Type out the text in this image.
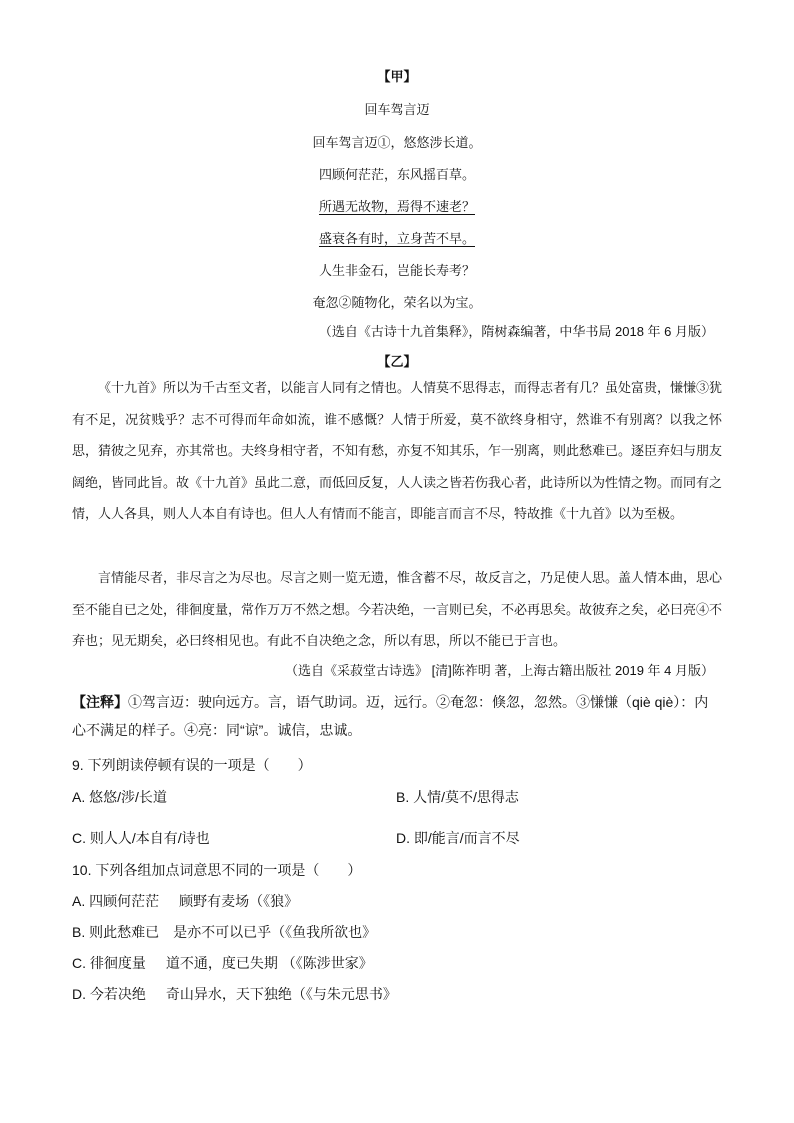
【甲】
回车驾言迈
回车驾言迈①，悠悠涉长道。
四顾何茫茫，东风摇百草。
所遇无故物，焉得不速老？
盛衰各有时，立身苦不早。
人生非金石，岂能长寿考？
奄忽②随物化，荣名以为宝。
（选自《古诗十九首集释》，隋树森编著，中华书局 2018 年 6 月版）
【乙】

《十九首》所以为千古至文者，以能言人同有之情也。人情莫不思得志，而得志者有几？虽处富贵，慊慊③犹有不足，况贫贱乎？志不可得而年命如流，谁不感慨？人情于所爱，莫不欲终身相守，然谁不有别离？以我之怀思，猜彼之见弃，亦其常也。夫终身相守者，不知有愁，亦复不知其乐，乍一别离，则此愁难已。逐臣弃妇与朋友阔绝，皆同此旨。故《十九首》虽此二意，而低回反复，人人读之皆若伤我心者，此诗所以为性情之物。而同有之情，人人各具，则人人本自有诗也。但人人有情而不能言，即能言而言不尽，特故推《十九首》以为至极。

言情能尽者，非尽言之为尽也。尽言之则一览无遗，惟含蓄不尽，故反言之，乃足使人思。盖人情本曲，思心至不能自已之处，徘徊度量，常作万万不然之想。今若决绝，一言则已矣，不必再思矣。故彼弃之矣，必曰亮④不弃也；见无期矣，必曰终相见也。有此不自决绝之念，所以有思，所以不能已于言也。

（选自《采菽堂古诗选》 [清]陈祚明 著，上海古籍出版社 2019 年 4 月版）

【注释】①驾言迈：驶向远方。言，语气助词。迈，远行。②奄忽：倏忽，忽然。③慊慊（qiè qiè）：内心不满足的样子。④亮：同“谅”。诚信，忠诚。

9. 下列朗读停顿有误的一项是（　　）
A. 悠悠/涉/长道	B. 人情/莫不/思得志
C. 则人人/本自有/诗也	D. 即/能言/而言不尽
10. 下列各组加点词意思不同的一项是（　　）
A. 四顾何茫茫 顾野有麦场（《狼》
B. 则此愁难已 是亦不可以已乎（《鱼我所欲也》
C. 徘徊度量 道不通，度已失期 （《陈涉世家》
D. 今若决绝 奇山异水，天下独绝（《与朱元思书》
